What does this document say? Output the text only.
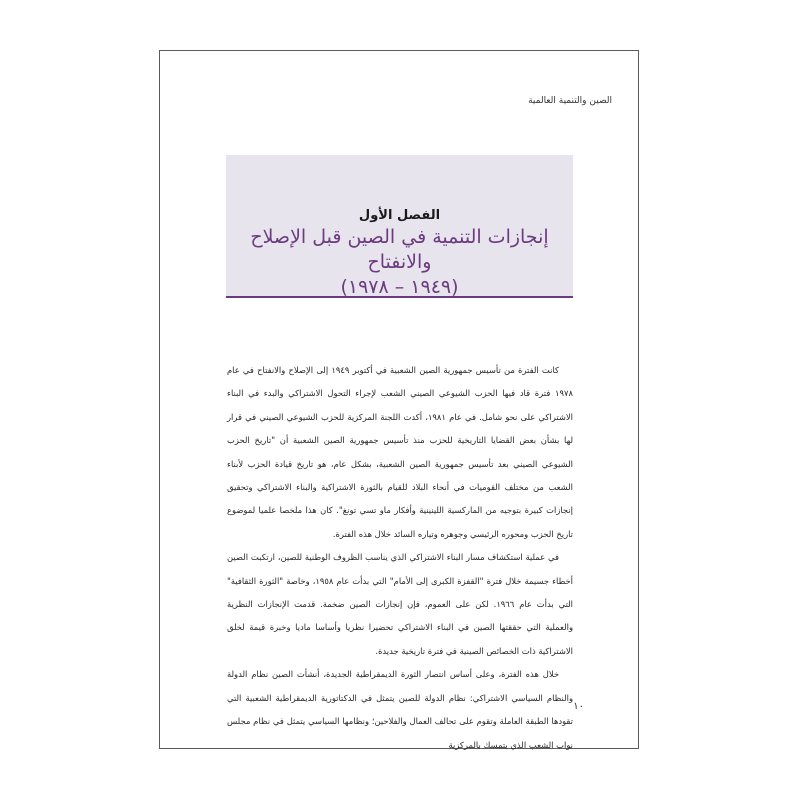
الصين والتنمية العالمية
الفصل الأول
إنجازات التنمية في الصين قبل الإصلاح والانفتاح
(١٩٤٩ – ١٩٧٨)

كانت الفترة من تأسيس جمهورية الصين الشعبية في أكتوبر ١٩٤٩ إلى الإصلاح والانفتاح في عام ١٩٧٨ فترة قاد فيها الحزب الشيوعي الصيني الشعب لإجراء التحول الاشتراكي والبدء في البناء الاشتراكي على نحو شامل. في عام ١٩٨١، أكدت اللجنة المركزية للحزب الشيوعي الصيني في قرار لها بشأن بعض القضايا التاريخية للحزب منذ تأسيس جمهورية الصين الشعبية أن "تاريخ الحزب الشيوعي الصيني بعد تأسيس جمهورية الصين الشعبية، بشكل عام، هو تاريخ قيادة الحزب لأبناء الشعب من مختلف القوميات في أنحاء البلاد للقيام بالثورة الاشتراكية والبناء الاشتراكي وتحقيق إنجازات كبيرة بتوجيه من الماركسية اللينينية وأفكار ماو تسي تونغ". كان هذا ملخصا علميا لموضوع تاريخ الحزب ومحوره الرئيسي وجوهره وتياره السائد خلال هذه الفترة.

في عملية استكشاف مسار البناء الاشتراكي الذي يناسب الظروف الوطنية للصين، ارتكبت الصين أخطاء جسيمة خلال فترة "القفزة الكبرى إلى الأمام" التي بدأت عام ١٩٥٨، وخاصة "الثورة الثقافية" التي بدأت عام ١٩٦٦. لكن على العموم، فإن إنجازات الصين ضخمة. قدمت الإنجازات النظرية والعملية التي حققتها الصين في البناء الاشتراكي تحضيرا نظريا وأساسا ماديا وخبرة قيمة لخلق الاشتراكية ذات الخصائص الصينية في فترة تاريخية جديدة.

خلال هذه الفترة، وعلى أساس انتصار الثورة الديمقراطية الجديدة، أنشأت الصين نظام الدولة والنظام السياسي الاشتراكي: نظام الدولة للصين يتمثل في الدكتاتورية الديمقراطية الشعبية التي تقودها الطبقة العاملة وتقوم على تحالف العمال والفلاحين؛ ونظامها السياسي يتمثل في نظام مجلس نواب الشعب الذي يتمسك بالمركزية

١٠
